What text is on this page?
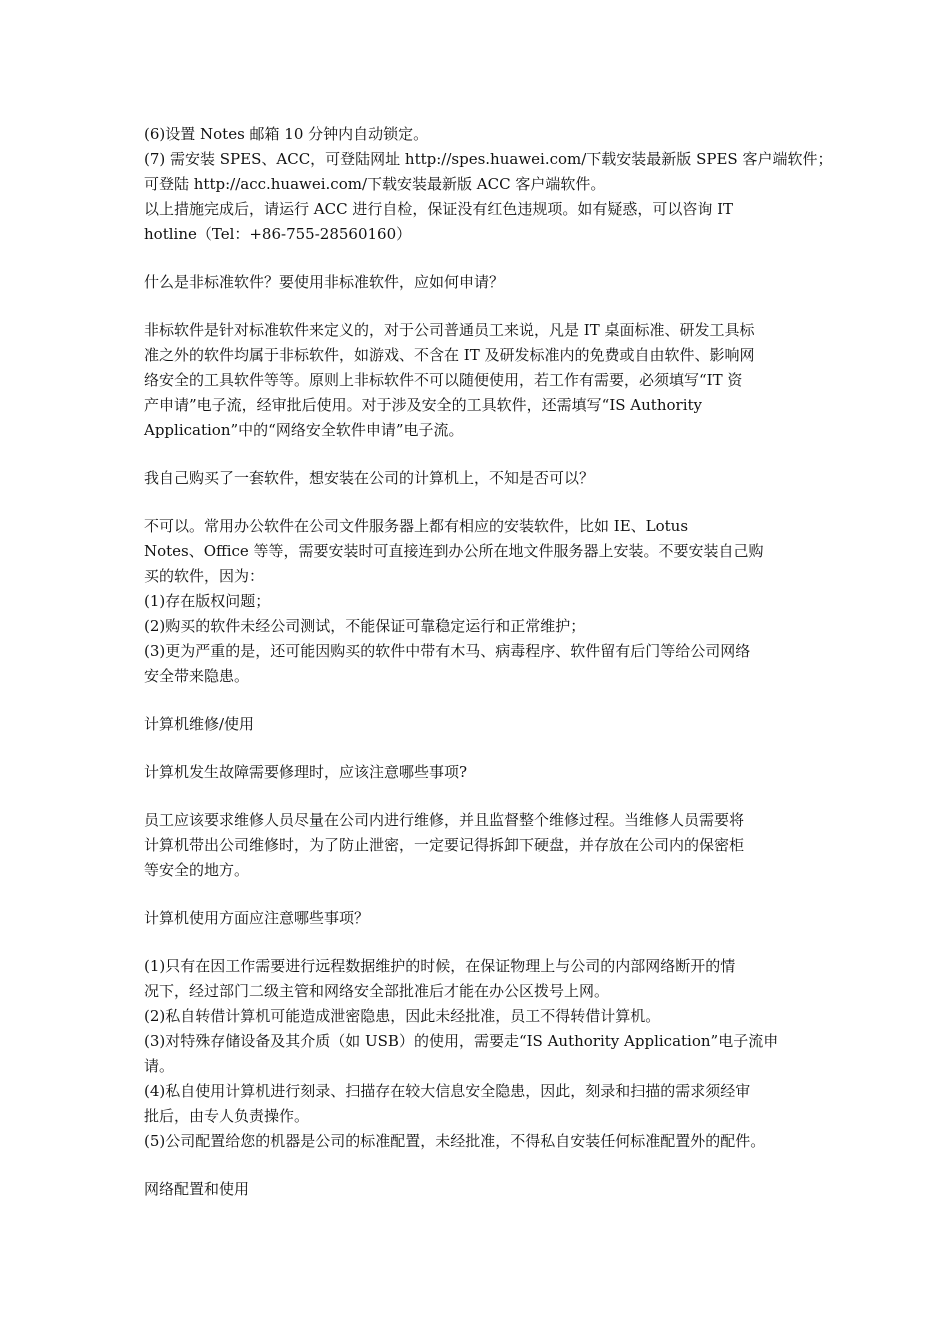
(6)设置 Notes 邮箱 10 分钟内自动锁定。
(7) 需安装 SPES、ACC，可登陆网址 http://spes.huawei.com/下载安装最新版 SPES 客户端软件；
可登陆 http://acc.huawei.com/下载安装最新版 ACC 客户端软件。
以上措施完成后，请运行 ACC 进行自检，保证没有红色违规项。如有疑惑，可以咨询 IT
hotline（Tel：+86-755-28560160）
什么是非标准软件？要使用非标准软件，应如何申请？
非标软件是针对标准软件来定义的，对于公司普通员工来说，凡是 IT 桌面标准、研发工具标
准之外的软件均属于非标软件，如游戏、不含在 IT 及研发标准内的免费或自由软件、影响网
络安全的工具软件等等。原则上非标软件不可以随便使用，若工作有需要，必须填写“IT 资
产申请”电子流，经审批后使用。对于涉及安全的工具软件，还需填写“IS Authority
Application”中的“网络安全软件申请”电子流。
我自己购买了一套软件，想安装在公司的计算机上，不知是否可以？
不可以。常用办公软件在公司文件服务器上都有相应的安装软件，比如 IE、Lotus
Notes、Office 等等，需要安装时可直接连到办公所在地文件服务器上安装。不要安装自己购
买的软件，因为：
(1)存在版权问题；
(2)购买的软件未经公司测试，不能保证可靠稳定运行和正常维护；
(3)更为严重的是，还可能因购买的软件中带有木马、病毒程序、软件留有后门等给公司网络
安全带来隐患。
计算机维修/使用
计算机发生故障需要修理时，应该注意哪些事项?
员工应该要求维修人员尽量在公司内进行维修，并且监督整个维修过程。当维修人员需要将
计算机带出公司维修时，为了防止泄密，一定要记得拆卸下硬盘，并存放在公司内的保密柜
等安全的地方。
计算机使用方面应注意哪些事项？
(1)只有在因工作需要进行远程数据维护的时候，在保证物理上与公司的内部网络断开的情
况下，经过部门二级主管和网络安全部批准后才能在办公区拨号上网。
(2)私自转借计算机可能造成泄密隐患，因此未经批准，员工不得转借计算机。
(3)对特殊存储设备及其介质（如 USB）的使用，需要走“IS Authority Application”电子流申
请。
(4)私自使用计算机进行刻录、扫描存在较大信息安全隐患，因此，刻录和扫描的需求须经审
批后，由专人负责操作。
(5)公司配置给您的机器是公司的标准配置，未经批准，不得私自安装任何标准配置外的配件。
网络配置和使用
